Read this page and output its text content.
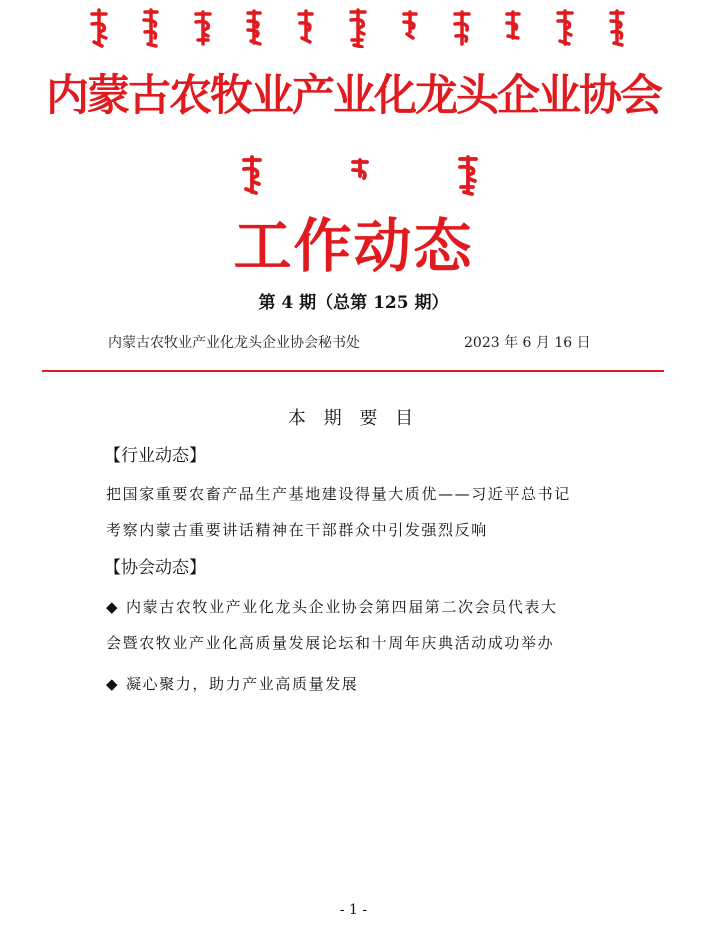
内蒙古农牧业产业化龙头企业协会
工作动态
第 4 期（总第 125 期）
内蒙古农牧业产业化龙头企业协会秘书处	2023 年 6 月 16 日
本 期 要 目
【行业动态】
把国家重要农畜产品生产基地建设得量大质优——习近平总书记
考察内蒙古重要讲话精神在干部群众中引发强烈反响
【协会动态】
◆ 内蒙古农牧业产业化龙头企业协会第四届第二次会员代表大
会暨农牧业产业化高质量发展论坛和十周年庆典活动成功举办
◆ 凝心聚力，助力产业高质量发展
- 1 -
